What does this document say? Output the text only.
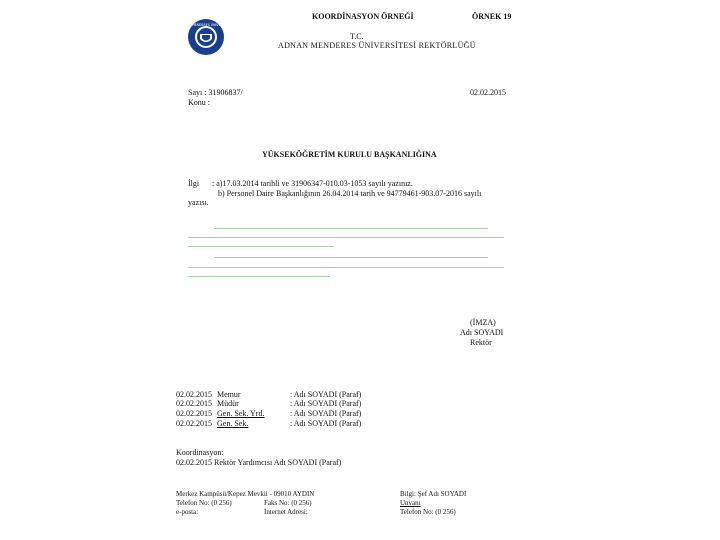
ADNAN MENDERES ÜNİVERSİTESİ
KOORDİNASYON ÖRNEĞİ	ÖRNEK 19
T.C.
ADNAN MENDERES ÜNİVERSİTESİ REKTÖRLÜĞÜ
Sayı : 31906837/	02.02.2015
Konu :
YÜKSEKÖĞRETİM KURULU BAŞKANLIĞINA
İlgi : a)17.03.2014 tarihli ve 31906347-010.03-1053 sayılı yazınız.
b) Personel Daire Başkanlığının 26.04.2014 tarih ve 94779461-903.07-2016 sayılı
yazısı.
.........................................................................................................................................
..............................................................................................................................................................
.........................................................................
.........................................................................................................................................
..............................................................................................................................................................
.......................................................................
(İMZA)
Adı SOYADI
Rektör
02.02.2015 Memur	: Adı SOYADI (Paraf)
02.02.2015 Müdür	: Adı SOYADI (Paraf)
02.02.2015 Gen. Sek. Yrd.	: Adı SOYADI (Paraf)
02.02.2015 Gen. Sek.	: Adı SOYADI (Paraf)
Koordinasyon:
02.02.2015 Rektör Yardımcısı Adı SOYADI (Paraf)
Merkez Kampüsü/Kepez Mevkii - 09010 AYDIN
Telefon No: (0 256)	Faks No: (0 256)
e-posta:	İnternet Adresi:
Bilgi: Şef Adı SOYADI
Unvanı
Telefon No: (0 256)
